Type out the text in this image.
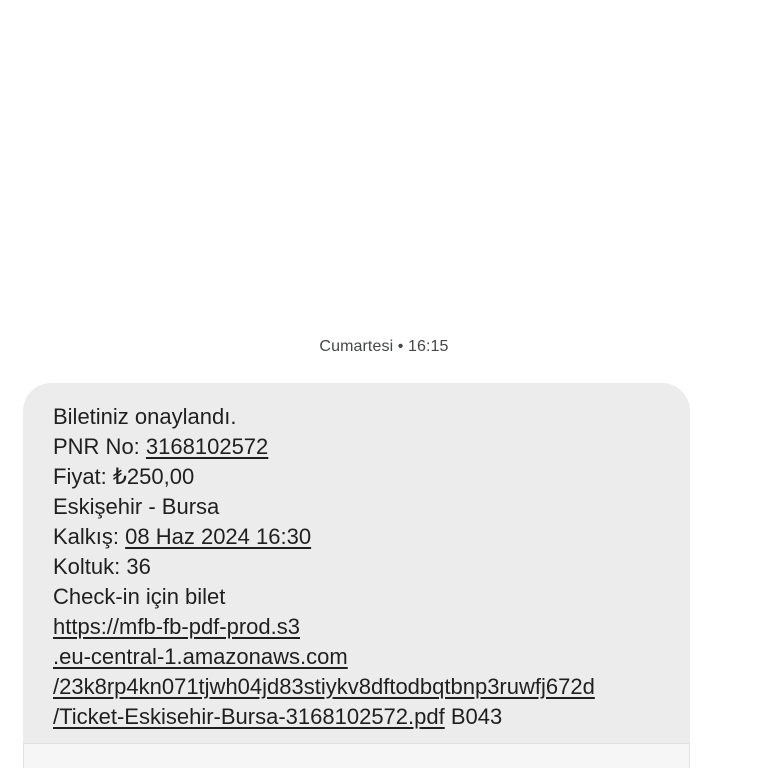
Cumartesi • 16:15
Biletiniz onaylandı.
PNR No: 3168102572
Fiyat: ₺250,00
Eskişehir - Bursa
Kalkış: 08 Haz 2024 16:30
Koltuk: 36
Check-in için bilet
https://mfb-fb-pdf-prod.s3
.eu-central-1.amazonaws.com
/23k8rp4kn071tjwh04jd83stiykv8dftodbqtbnp3ruwfj672d
/Ticket-Eskisehir-Bursa-3168102572.pdf B043
